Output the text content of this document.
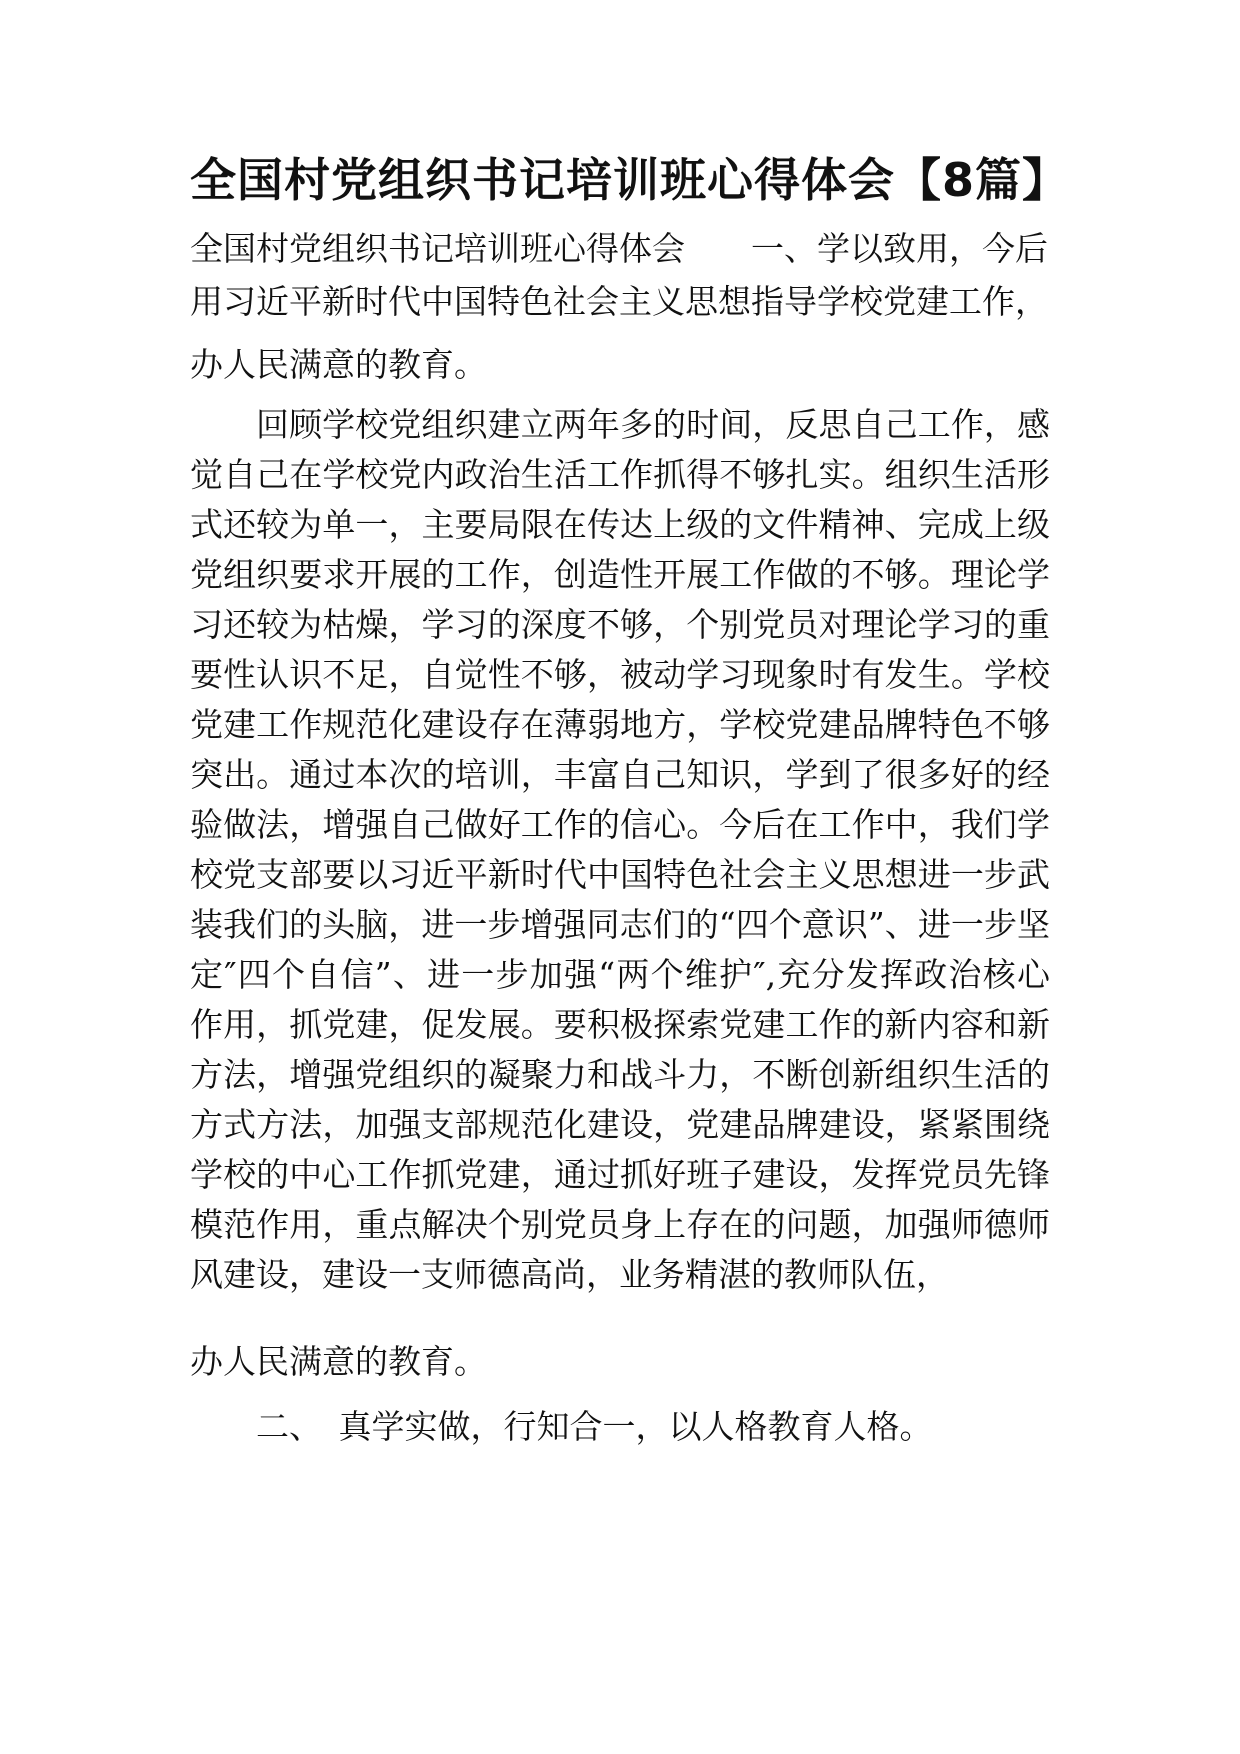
全国村党组织书记培训班心得体会【8篇】

全国村党组织书记培训班心得体会　　一、学以致用，今后
用习近平新时代中国特色社会主义思想指导学校党建工作，

办人民满意的教育。

回顾学校党组织建立两年多的时间，反思自己工作，感觉自己在学校党内政治生活工作抓得不够扎实。组织生活形式还较为单一，主要局限在传达上级的文件精神、完成上级党组织要求开展的工作，创造性开展工作做的不够。理论学习还较为枯燥，学习的深度不够，个别党员对理论学习的重要性认识不足，自觉性不够，被动学习现象时有发生。学校党建工作规范化建设存在薄弱地方，学校党建品牌特色不够突出。通过本次的培训，丰富自己知识，学到了很多好的经验做法，增强自己做好工作的信心。今后在工作中，我们学校党支部要以习近平新时代中国特色社会主义思想进一步武装我们的头脑，进一步增强同志们的“四个意识”、进一步坚定″四个自信”、进一步加强“两个维护″,充分发挥政治核心作用，抓党建，促发展。要积极探索党建工作的新内容和新方法，增强党组织的凝聚力和战斗力，不断创新组织生活的方式方法，加强支部规范化建设，党建品牌建设，紧紧围绕学校的中心工作抓党建，通过抓好班子建设，发挥党员先锋模范作用，重点解决个别党员身上存在的问题，加强师德师风建设，建设一支师德高尚，业务精湛的教师队伍，

办人民满意的教育。

二、　真学实做，行知合一，以人格教育人格。
